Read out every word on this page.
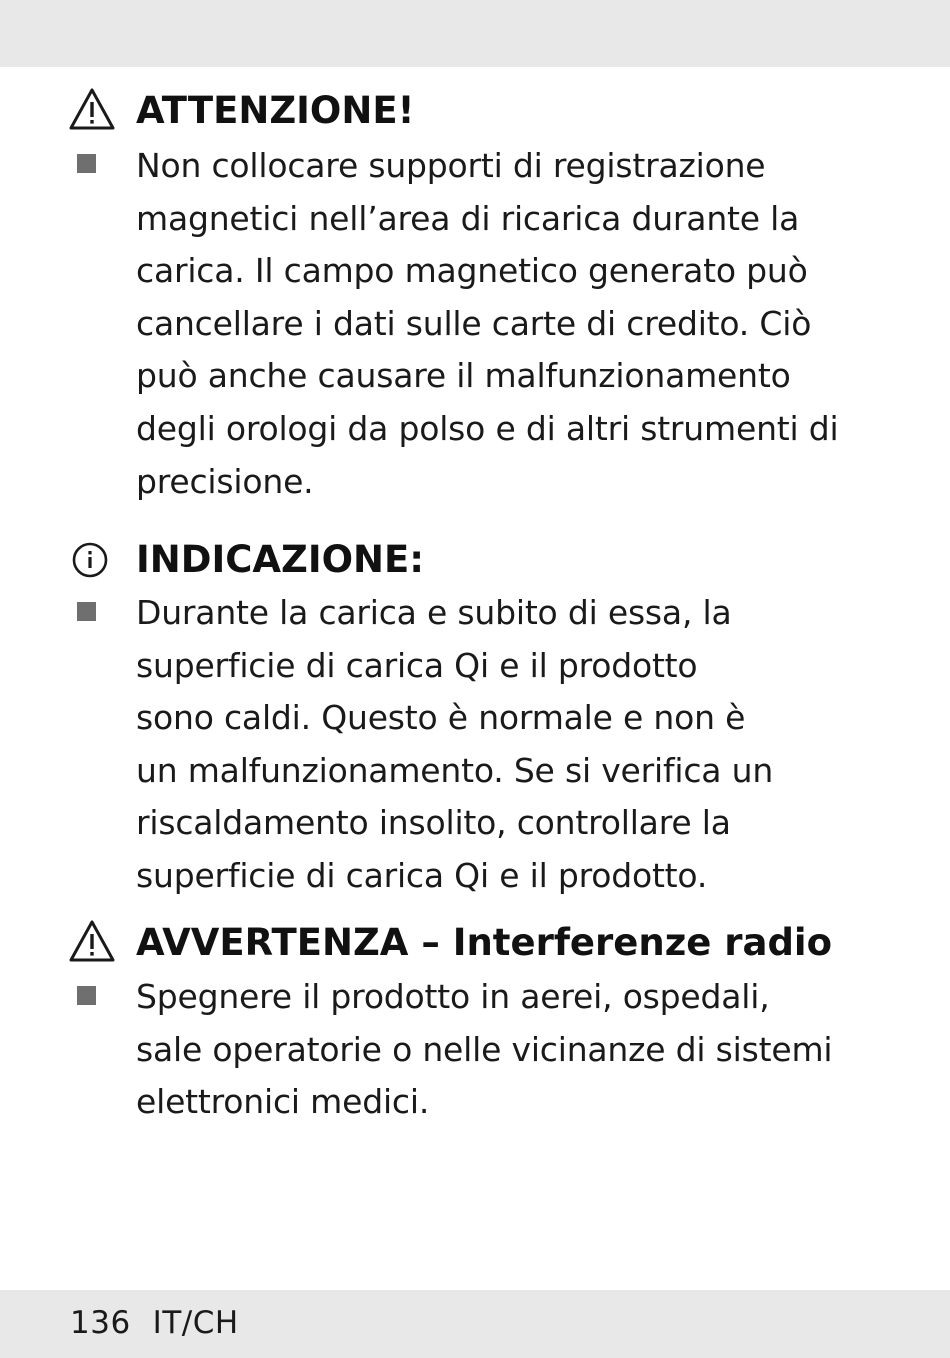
ATTENZIONE!
Non collocare supporti di registrazione
magnetici nell’area di ricarica durante la
carica. Il campo magnetico generato può
cancellare i dati sulle carte di credito. Ciò
può anche causare il malfunzionamento
degli orologi da polso e di altri strumenti di
precisione.
INDICAZIONE:
Durante la carica e subito di essa, la
superficie di carica Qi e il prodotto
sono caldi. Questo è normale e non è
un malfunzionamento. Se si verifica un
riscaldamento insolito, controllare la
superficie di carica Qi e il prodotto.
AVVERTENZA – Interferenze radio
Spegnere il prodotto in aerei, ospedali,
sale operatorie o nelle vicinanze di sistemi
elettronici medici.
136 IT/CH
